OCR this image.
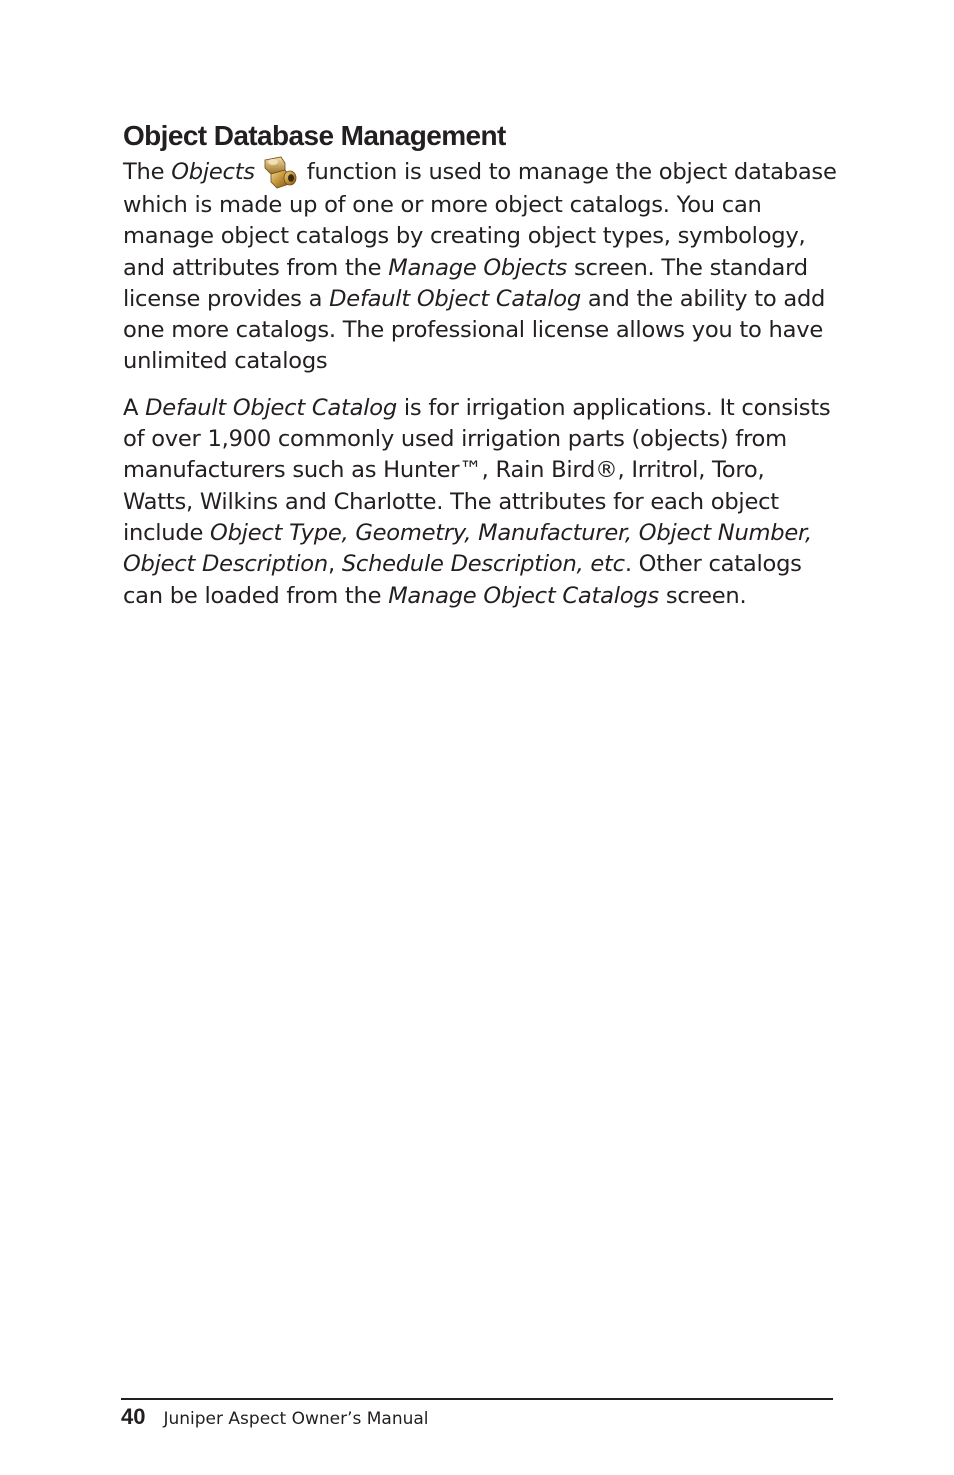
Object Database Management

The Objects function is used to manage the object database which is made up of one or more object catalogs. You can manage object catalogs by creating object types, symbology, and attributes from the Manage Objects screen. The standard license provides a Default Object Catalog and the ability to add one more catalogs. The professional license allows you to have unlimited catalogs

A Default Object Catalog is for irrigation applications. It consists of over 1,900 commonly used irrigation parts (objects) from manufacturers such as Hunter™, Rain Bird®, Irritrol, Toro, Watts, Wilkins and Charlotte. The attributes for each object include Object Type, Geometry, Manufacturer, Object Number, Object Description, Schedule Description, etc. Other catalogs can be loaded from the Manage Object Catalogs screen.

40 Juniper Aspect Owner’s Manual
